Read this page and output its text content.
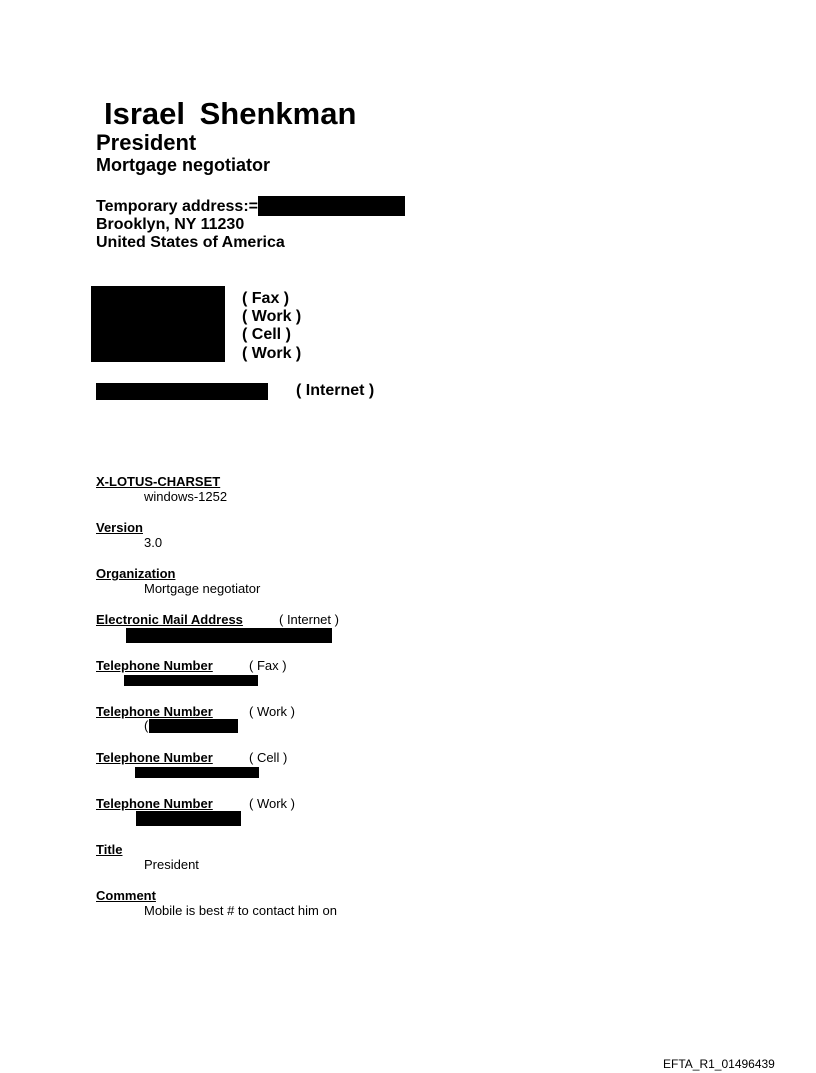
Israel Shenkman
President
Mortgage negotiator
Temporary address:=
Brooklyn, NY 11230
United States of America
( Fax )
( Work )
( Cell )
( Work )
( Internet )
X-LOTUS-CHARSET
windows-1252
Version
3.0
Organization
Mortgage negotiator
Electronic Mail Address	( Internet )
Telephone Number	( Fax )
Telephone Number	( Work )
(
Telephone Number	( Cell )
Telephone Number	( Work )
Title
President
Comment
Mobile is best # to contact him on
EFTA_R1_01496439
